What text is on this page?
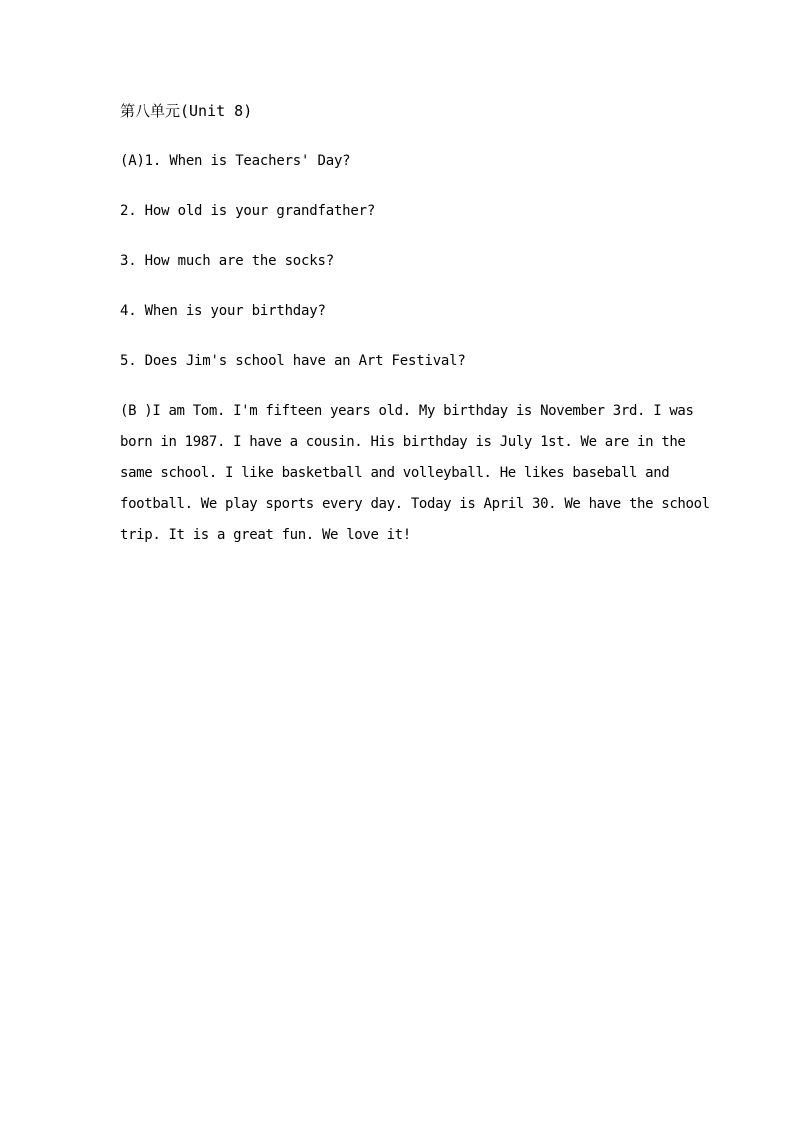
第八单元(Unit 8)
(A)1. When is Teachers' Day?
2. How old is your grandfather?
3. How much are the socks?
4. When is your birthday?
5. Does Jim's school have an Art Festival?
(B )I am Tom. I'm fifteen years old. My birthday is November 3rd. I was
born in 1987. I have a cousin. His birthday is July 1st. We are in the
same school. I like basketball and volleyball. He likes baseball and
football. We play sports every day. Today is April 30. We have the school
trip. It is a great fun. We love it!
